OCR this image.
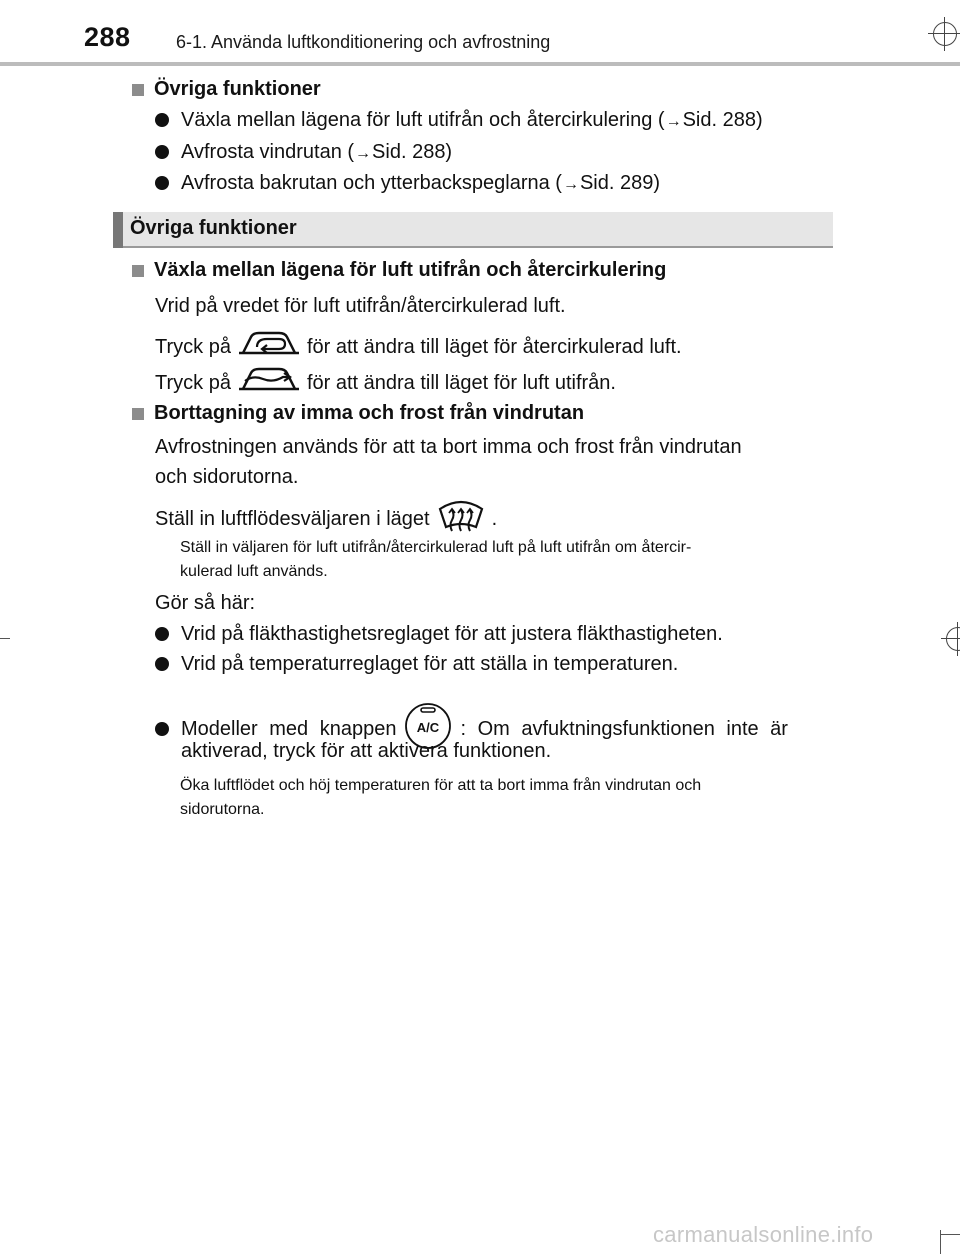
288	6-1. Använda luftkonditionering och avfrostning
Övriga funktioner
Växla mellan lägena för luft utifrån och återcirkulering ( → Sid. 288)
Avfrosta vindrutan ( → Sid. 288)
Avfrosta bakrutan och ytterbackspeglarna ( → Sid. 289)
Övriga funktioner
Växla mellan lägena för luft utifrån och återcirkulering
Vrid på vredet för luft utifrån/återcirkulerad luft.
Tryck på	för att ändra till läget för återcirkulerad luft.
Tryck på	för att ändra till läget för luft utifrån.
Borttagning av imma och frost från vindrutan
Avfrostningen används för att ta bort imma och frost från vindrutan
och sidorutorna.
Ställ in luftflödesväljaren i läget	.
Ställ in väljaren för luft utifrån/återcirkulerad luft på luft utifrån om återcir-
kulerad luft används.
Gör så här:
Vrid på fläkthastighetsreglaget för att justera fläkthastigheten.
Vrid på temperaturreglaget för att ställa in temperaturen.
Modeller med knappen A/C : Om avfuktningsfunktionen inte är
aktiverad, tryck för att aktivera funktionen.
Öka luftflödet och höj temperaturen för att ta bort imma från vindrutan och
sidorutorna.
carmanualsonline.info
